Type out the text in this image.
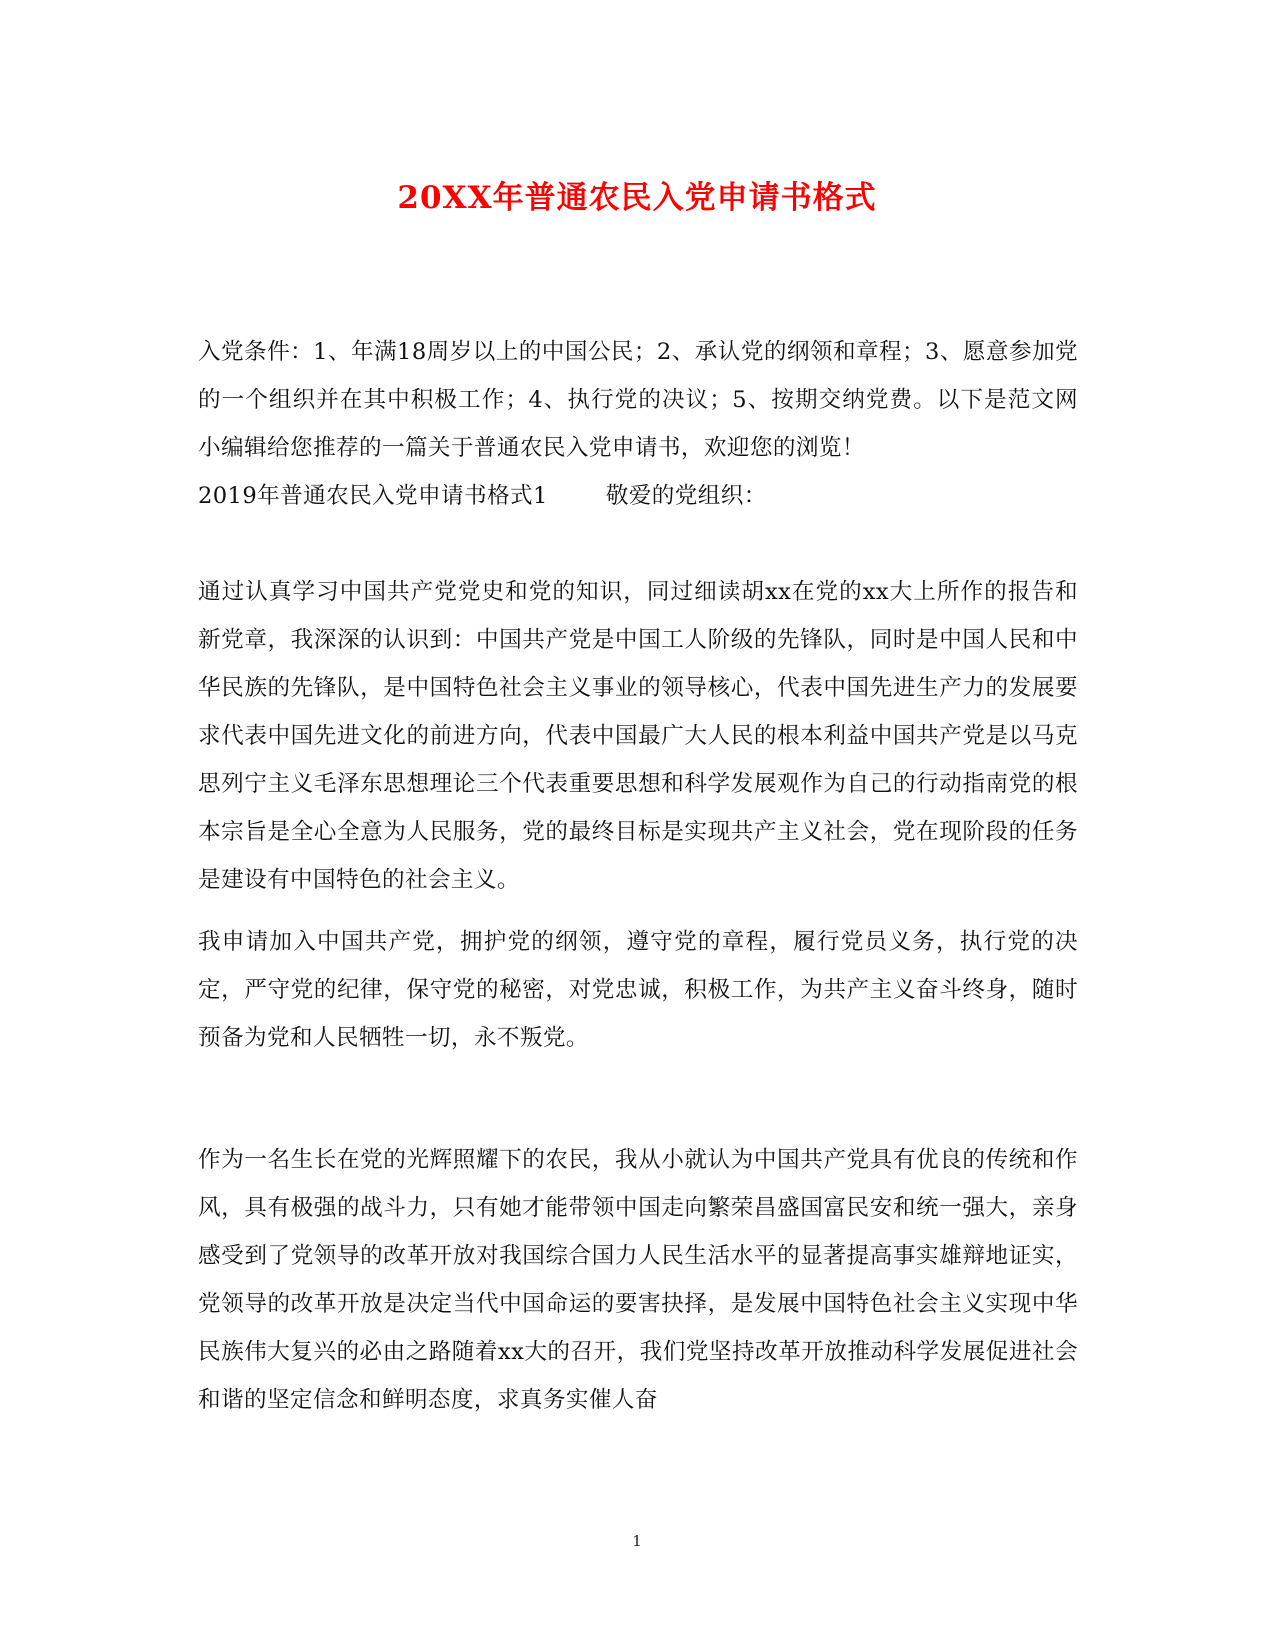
20XX年普通农民入党申请书格式

入党条件：1、年满18周岁以上的中国公民；2、承认党的纲领和章程；3、愿意参加党的一个组织并在其中积极工作；4、执行党的决议；5、按期交纳党费。以下是范文网小编辑给您推荐的一篇关于普通农民入党申请书，欢迎您的浏览！
2019年普通农民入党申请书格式1	敬爱的党组织：

通过认真学习中国共产党党史和党的知识，同过细读胡xx在党的xx大上所作的报告和新党章，我深深的认识到：中国共产党是中国工人阶级的先锋队，同时是中国人民和中华民族的先锋队，是中国特色社会主义事业的领导核心，代表中国先进生产力的发展要求代表中国先进文化的前进方向，代表中国最广大人民的根本利益中国共产党是以马克思列宁主义毛泽东思想理论三个代表重要思想和科学发展观作为自己的行动指南党的根本宗旨是全心全意为人民服务，党的最终目标是实现共产主义社会，党在现阶段的任务是建设有中国特色的社会主义。

我申请加入中国共产党，拥护党的纲领，遵守党的章程，履行党员义务，执行党的决定，严守党的纪律，保守党的秘密，对党忠诚，积极工作，为共产主义奋斗终身，随时预备为党和人民牺牲一切，永不叛党。

作为一名生长在党的光辉照耀下的农民，我从小就认为中国共产党具有优良的传统和作风，具有极强的战斗力，只有她才能带领中国走向繁荣昌盛国富民安和统一强大，亲身感受到了党领导的改革开放对我国综合国力人民生活水平的显著提高事实雄辩地证实，党领导的改革开放是决定当代中国命运的要害抉择，是发展中国特色社会主义实现中华民族伟大复兴的必由之路随着xx大的召开，我们党坚持改革开放推动科学发展促进社会和谐的坚定信念和鲜明态度，求真务实催人奋

1
